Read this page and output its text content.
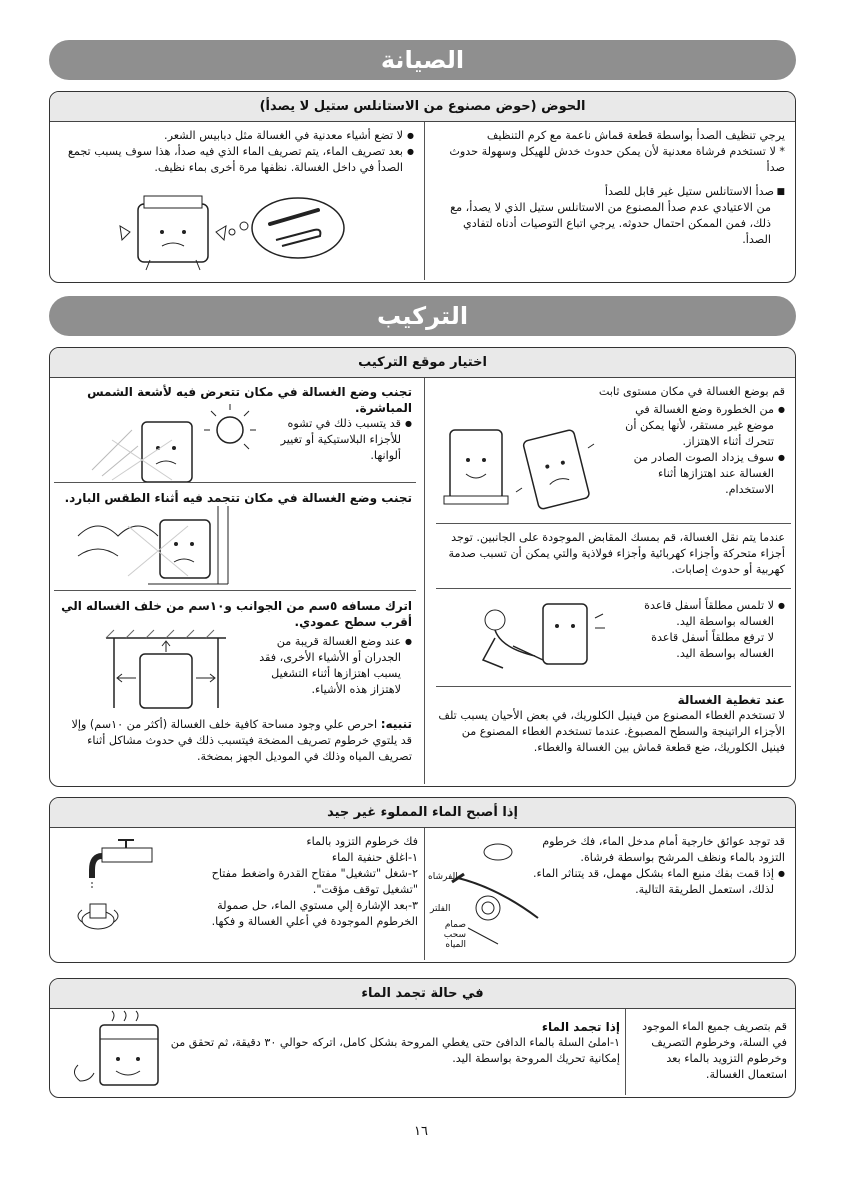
الصيانة
الحوض (حوض مصنوع من الاستانلس ستيل لا يصدأ)

يرجي تنظيف الصدأ بواسطة قطعة قماش ناعمة مع كرم التنظيف

* لا تستخدم فرشاة معدنية لأن يمكن حدوث خدش للهيكل وسهولة حدوث صدأ

■ صدأ الاستانلس ستيل غير قابل للصدأ

من الاعتيادي عدم صدأ المصنوع من الاستانلس ستيل الذي لا يصدأ، مع ذلك، فمن الممكن احتمال حدوثه. يرجي اتباع التوصيات أدناه لتفادي الصدأ.

● لا تضع أشياء معدنية في الغسالة مثل دبابيس الشعر.

● بعد تصريف الماء، يتم تصريف الماء الذي فيه صدأ، هذا سوف يسبب تجمع الصدأ في داخل الغسالة. نظفها مرة أخرى بماء نظيف.

التركيب
اختيار موقع التركيب

قم بوضع الغسالة في مكان مستوى ثابت

● من الخطورة وضع الغسالة في موضع غير مستقر، لأنها يمكن أن تتحرك أثناء الاهتزاز.

● سوف يزداد الصوت الصادر من الغسالة عند اهتزازها أثناء الاستخدام.

عندما يتم نقل الغسالة، قم بمسك المقابض الموجودة على الجانبين. توجد أجزاء متحركة وأجزاء كهربائية وأجزاء فولاذية والتي يمكن أن تسبب صدمة كهربية أو حدوث إصابات.

● لا تلمس مطلقاً أسفل قاعدة الغساله بواسطة اليد.

لا ترفع مطلقاً أسفل قاعدة الغساله بواسطة اليد.

عند تغطية الغسالة

لا تستخدم الغطاء المصنوع من فينيل الكلوريك، في بعض الأحيان يسبب تلف الأجزاء الراتينجة والسطح المصبوغ. عندما تستخدم الغطاء المصنوع من فينيل الكلوريك، ضع قطعة قماش بين الغسالة والغطاء.

تجنب وضع الغسالة في مكان تتعرض فيه لأشعة الشمس المباشرة.

● قد يتسبب ذلك في تشوه للأجزاء البلاستيكية أو تغيير ألوانها.

تجنب وضع الغسالة في مكان تتجمد فيه أثناء الطقس البارد.

اترك مسافه ٥سم من الجوانب و١٠سم من خلف الغساله الي أقرب سطح عمودي.

● عند وضع الغسالة قريبة من الجدران أو الأشياء الأخرى، فقد يسبب اهتزازها أثناء التشغيل لاهتزاز هذه الأشياء.

تنبيه: احرص علي وجود مساحة كافية خلف الغسالة (أكثر من ١٠سم) وإلا قد يلتوي خرطوم تصريف المضخة فيتسبب ذلك في حدوث مشاكل أثناء تصريف المياه وذلك في الموديل الجهز بمضخة.
إذا أصبح الماء المملوء غير جيد

قد توجد عوائق خارجية أمام مدخل الماء، فك خرطوم التزود بالماء ونظف المرشح بواسطة فرشاة.

● إذا قمت بفك منبع الماء بشكل مهمل، قد يتناثر الماء. لذلك، استعمل الطريقة التالية.

الفرشاه
الفلتر
صمام سحب المياه

فك خرطوم التزود بالماء

١-اغلق حنفية الماء

٢-شغل "تشغيل" مفتاح القدرة واضغط مفتاح "تشغيل توقف مؤقت".

٣-بعد الإشارة إلي مستوي الماء، حل صمولة الخرطوم الموجودة في أعلي الغسالة و فكها.

في حالة تجمد الماء
قم بتصريف جميع الماء الموجود في السلة، وخرطوم التصريف وخرطوم التزويد بالماء بعد استعمال الغسالة.

إذا تجمد الماء

١-املئ السلة بالماء الدافئ حتى يغطي المروحة بشكل كامل، اتركه حوالي ٣٠ دقيقة، ثم تحقق من إمكانية تحريك المروحة بواسطة اليد.

١٦
